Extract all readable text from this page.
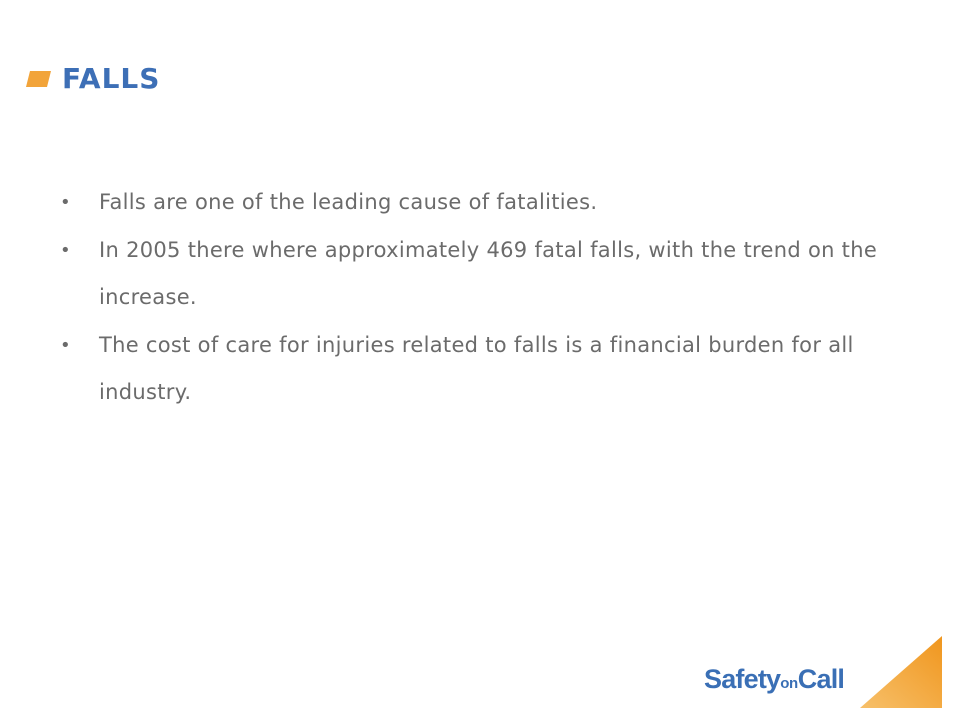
FALLS
• Falls are one of the leading cause of fatalities.
• In 2005 there where approximately 469 fatal falls, with the trend on the increase.
• The cost of care for injuries related to falls is a financial burden for all industry.
SafetyonCall
